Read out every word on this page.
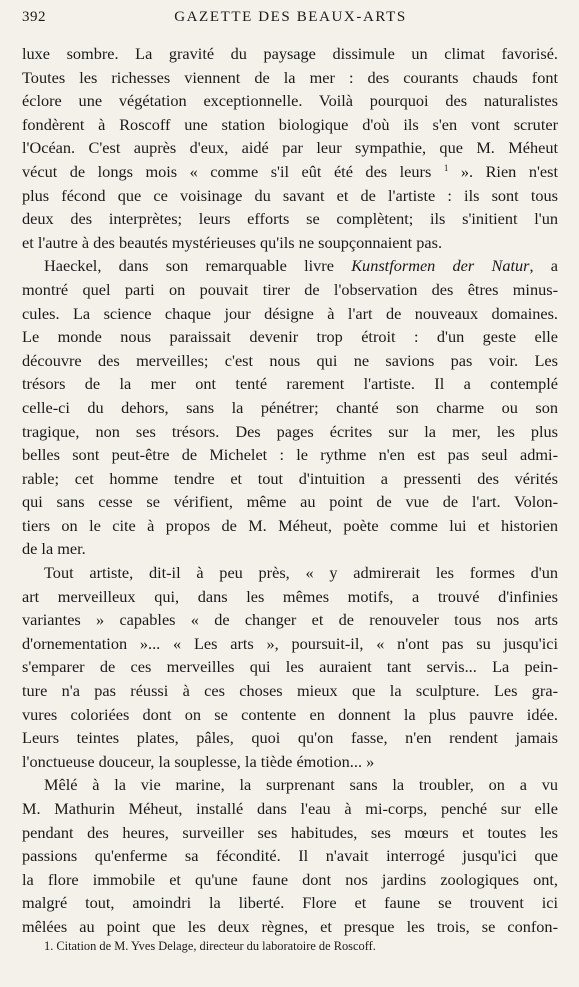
392	GAZETTE DES BEAUX-ARTS

luxe sombre. La gravité du paysage dissimule un climat favorisé.

Toutes les richesses viennent de la mer : des courants chauds font

éclore une végétation exceptionnelle. Voilà pourquoi des naturalistes

fondèrent à Roscoff une station biologique d'où ils s'en vont scruter

l'Océan. C'est auprès d'eux, aidé par leur sympathie, que M. Méheut

vécut de longs mois « comme s'il eût été des leurs $^1$ ». Rien n'est

plus fécond que ce voisinage du savant et de l'artiste : ils sont tous

deux des interprètes; leurs efforts se complètent; ils s'initient l'un

et l'autre à des beautés mystérieuses qu'ils ne soupçonnaient pas.

Haeckel, dans son remarquable livre Kunstformen der Natur, a

montré quel parti on pouvait tirer de l'observation des êtres minus-

cules. La science chaque jour désigne à l'art de nouveaux domaines.

Le monde nous paraissait devenir trop étroit : d'un geste elle

découvre des merveilles; c'est nous qui ne savions pas voir. Les

trésors de la mer ont tenté rarement l'artiste. Il a contemplé

celle-ci du dehors, sans la pénétrer; chanté son charme ou son

tragique, non ses trésors. Des pages écrites sur la mer, les plus

belles sont peut-être de Michelet : le rythme n'en est pas seul admi-

rable; cet homme tendre et tout d'intuition a pressenti des vérités

qui sans cesse se vérifient, même au point de vue de l'art. Volon-

tiers on le cite à propos de M. Méheut, poète comme lui et historien

de la mer.

Tout artiste, dit-il à peu près, « y admirerait les formes d'un

art merveilleux qui, dans les mêmes motifs, a trouvé d'infinies

variantes » capables « de changer et de renouveler tous nos arts

d'ornementation »... « Les arts », poursuit-il, « n'ont pas su jusqu'ici

s'emparer de ces merveilles qui les auraient tant servis... La pein-

ture n'a pas réussi à ces choses mieux que la sculpture. Les gra-

vures coloriées dont on se contente en donnent la plus pauvre idée.

Leurs teintes plates, pâles, quoi qu'on fasse, n'en rendent jamais

l'onctueuse douceur, la souplesse, la tiède émotion... »

Mêlé à la vie marine, la surprenant sans la troubler, on a vu

M. Mathurin Méheut, installé dans l'eau à mi-corps, penché sur elle

pendant des heures, surveiller ses habitudes, ses mœurs et toutes les

passions qu'enferme sa fécondité. Il n'avait interrogé jusqu'ici que

la flore immobile et qu'une faune dont nos jardins zoologiques ont,

malgré tout, amoindri la liberté. Flore et faune se trouvent ici

mêlées au point que les deux règnes, et presque les trois, se confon-

1. Citation de M. Yves Delage, directeur du laboratoire de Roscoff.
